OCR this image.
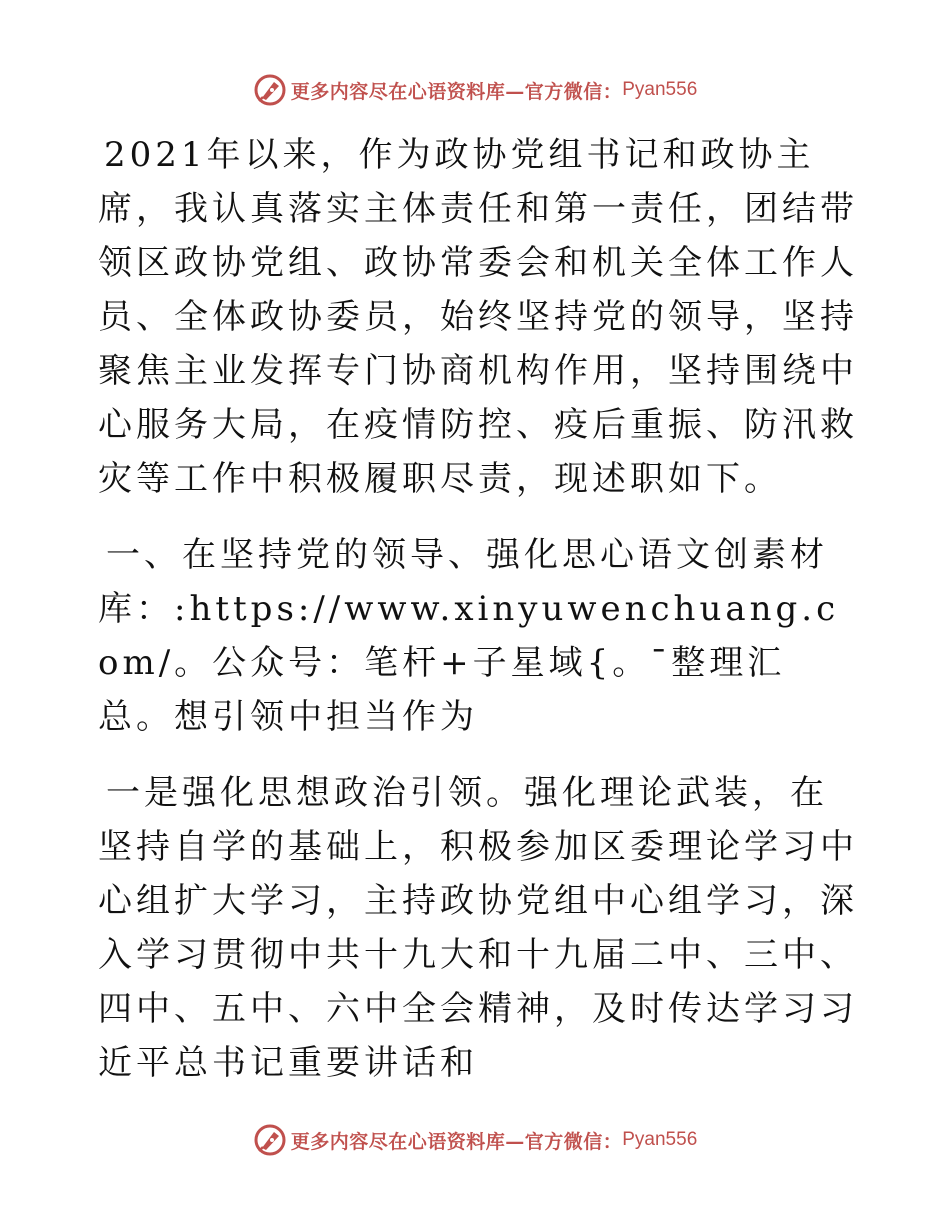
更多内容尽在心语资料库—官方微信： Pyan556

2021年以来，作为政协党组书记和政协主席，我认真落实主体责任和第一责任，团结带领区政协党组、政协常委会和机关全体工作人员、全体政协委员，始终坚持党的领导，坚持聚焦主业发挥专门协商机构作用，坚持围绕中心服务大局，在疫情防控、疫后重振、防汛救灾等工作中积极履职尽责，现述职如下。

一、在坚持党的领导、强化思心语文创素材库：:https://www.xinyuwenchuang.com/。公众号：笔杆+子星域{。¯整理汇总。想引领中担当作为

一是强化思想政治引领。强化理论武装，在坚持自学的基础上，积极参加区委理论学习中心组扩大学习，主持政协党组中心组学习，深入学习贯彻中共十九大和十九届二中、三中、四中、五中、六中全会精神，及时传达学习习近平总书记重要讲话和

更多内容尽在心语资料库—官方微信： Pyan556
